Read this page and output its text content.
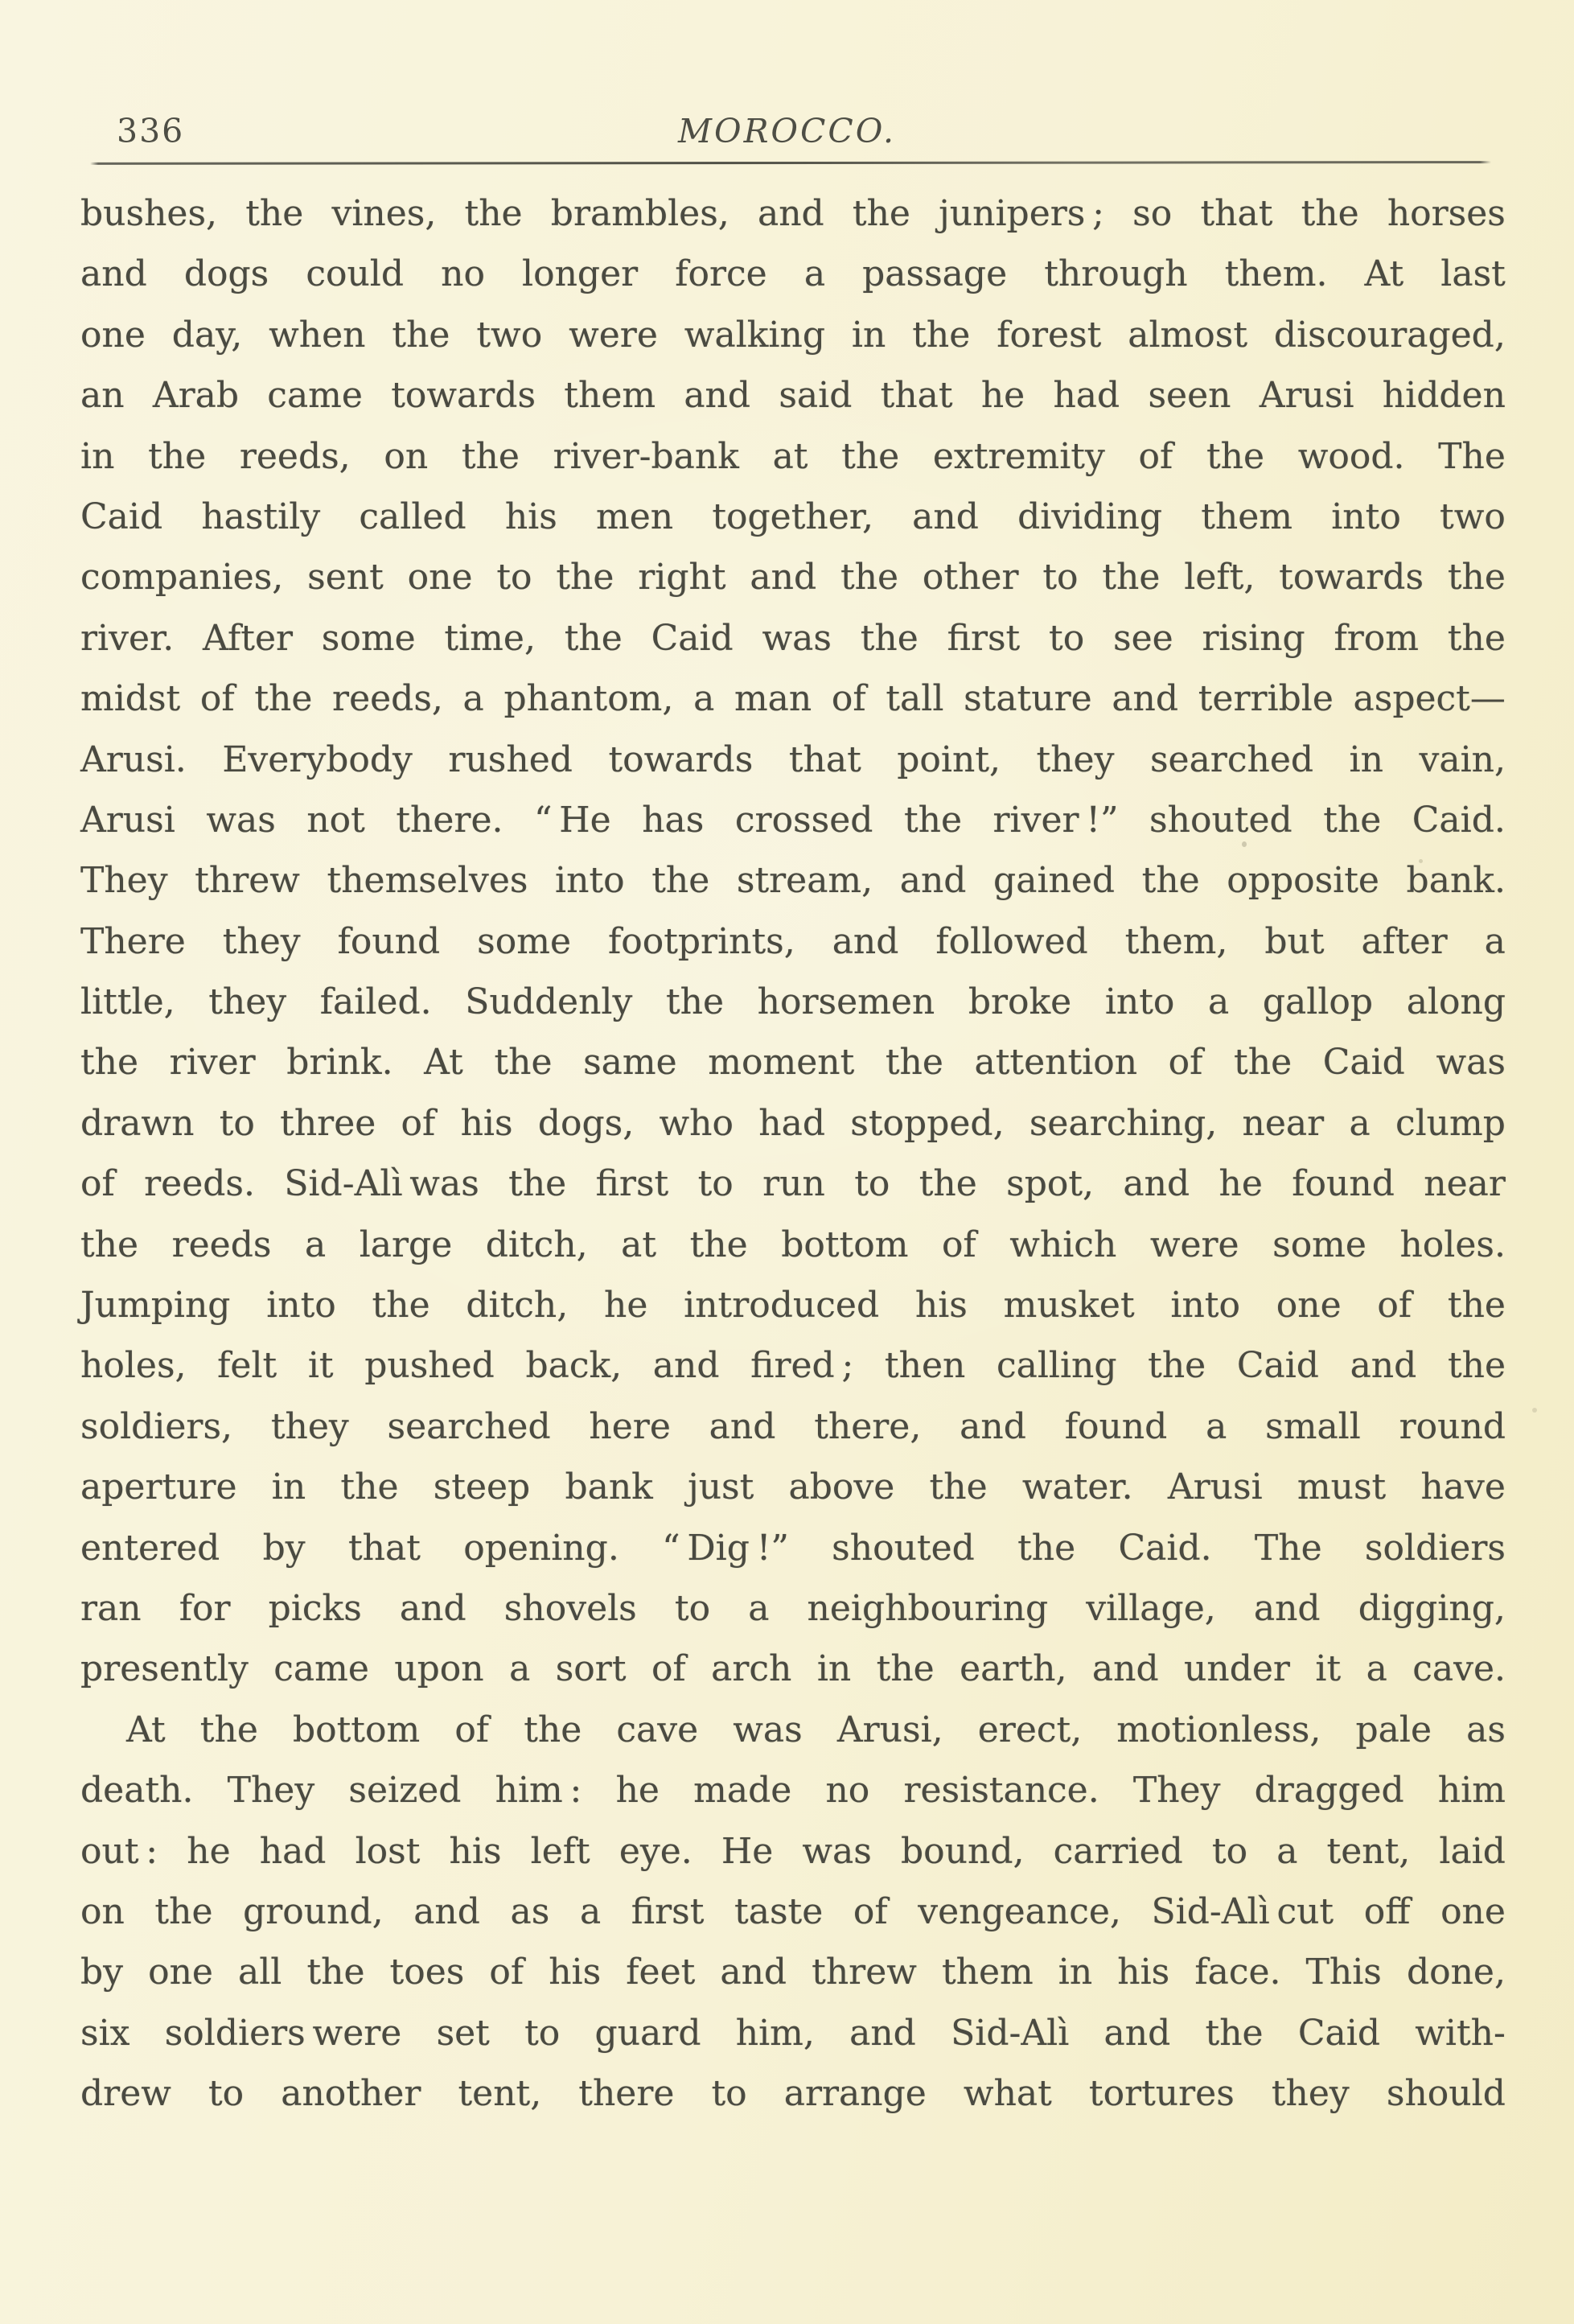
336	MOROCCO.
bushes, the vines, the brambles, and the junipers ; so that the horses
and dogs could no longer force a passage through them. At last
one day, when the two were walking in the forest almost discouraged,
an Arab came towards them and said that he had seen Arusi hidden
in the reeds, on the river-bank at the extremity of the wood. The
Caid hastily called his men together, and dividing them into two
companies, sent one to the right and the other to the left, towards the
river. After some time, the Caid was the first to see rising from the
midst of the reeds, a phantom, a man of tall stature and terrible aspect—
Arusi. Everybody rushed towards that point, they searched in vain,
Arusi was not there. “ He has crossed the river !” shouted the Caid.
They threw themselves into the stream, and gained the opposite bank.
There they found some footprints, and followed them, but after a
little, they failed. Suddenly the horsemen broke into a gallop along
the river brink. At the same moment the attention of the Caid was
drawn to three of his dogs, who had stopped, searching, near a clump
of reeds. Sid-Alì was the first to run to the spot, and he found near
the reeds a large ditch, at the bottom of which were some holes.
Jumping into the ditch, he introduced his musket into one of the
holes, felt it pushed back, and fired ; then calling the Caid and the
soldiers, they searched here and there, and found a small round
aperture in the steep bank just above the water. Arusi must have
entered by that opening. “ Dig !” shouted the Caid. The soldiers
ran for picks and shovels to a neighbouring village, and digging,
presently came upon a sort of arch in the earth, and under it a cave.
At the bottom of the cave was Arusi, erect, motionless, pale as
death. They seized him : he made no resistance. They dragged him
out : he had lost his left eye. He was bound, carried to a tent, laid
on the ground, and as a first taste of vengeance, Sid-Alì cut off one
by one all the toes of his feet and threw them in his face. This done,
six soldiers were set to guard him, and Sid-Alì and the Caid with-
drew to another tent, there to arrange what tortures they should
